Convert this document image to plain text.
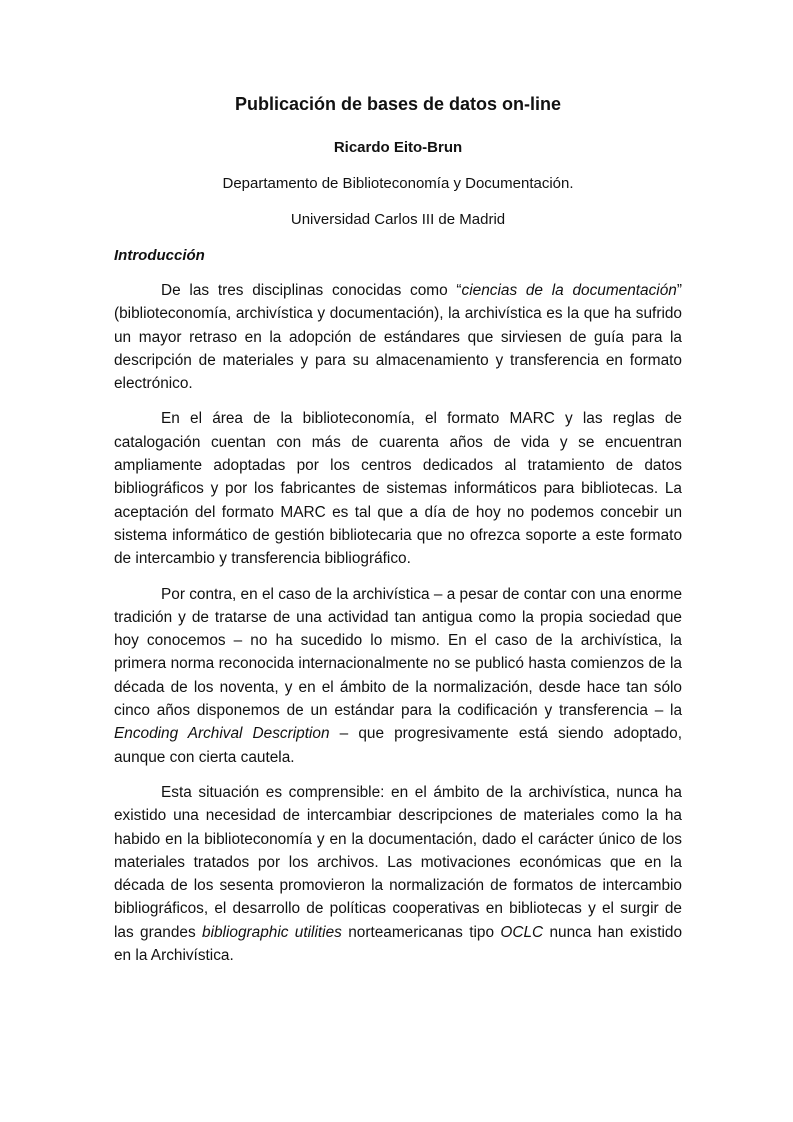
Publicación de bases de datos on-line
Ricardo Eito-Brun
Departamento de Biblioteconomía y Documentación.
Universidad Carlos III de Madrid
Introducción

De las tres disciplinas conocidas como “ciencias de la documentación” (biblioteconomía, archivística y documentación), la archivística es la que ha sufrido un mayor retraso en la adopción de estándares que sirviesen de guía para la descripción de materiales y para su almacenamiento y transferencia en formato electrónico.

En el área de la biblioteconomía, el formato MARC y las reglas de catalogación cuentan con más de cuarenta años de vida y se encuentran ampliamente adoptadas por los centros dedicados al tratamiento de datos bibliográficos y por los fabricantes de sistemas informáticos para bibliotecas. La aceptación del formato MARC es tal que a día de hoy no podemos concebir un sistema informático de gestión bibliotecaria que no ofrezca soporte a este formato de intercambio y transferencia bibliográfico.

Por contra, en el caso de la archivística – a pesar de contar con una enorme tradición y de tratarse de una actividad tan antigua como la propia sociedad que hoy conocemos – no ha sucedido lo mismo. En el caso de la archivística, la primera norma reconocida internacionalmente no se publicó hasta comienzos de la década de los noventa, y en el ámbito de la normalización, desde hace tan sólo cinco años disponemos de un estándar para la codificación y transferencia – la Encoding Archival Description – que progresivamente está siendo adoptado, aunque con cierta cautela.

Esta situación es comprensible: en el ámbito de la archivística, nunca ha existido una necesidad de intercambiar descripciones de materiales como la ha habido en la biblioteconomía y en la documentación, dado el carácter único de los materiales tratados por los archivos. Las motivaciones económicas que en la década de los sesenta promovieron la normalización de formatos de intercambio bibliográficos, el desarrollo de políticas cooperativas en bibliotecas y el surgir de las grandes bibliographic utilities norteamericanas tipo OCLC nunca han existido en la Archivística.
